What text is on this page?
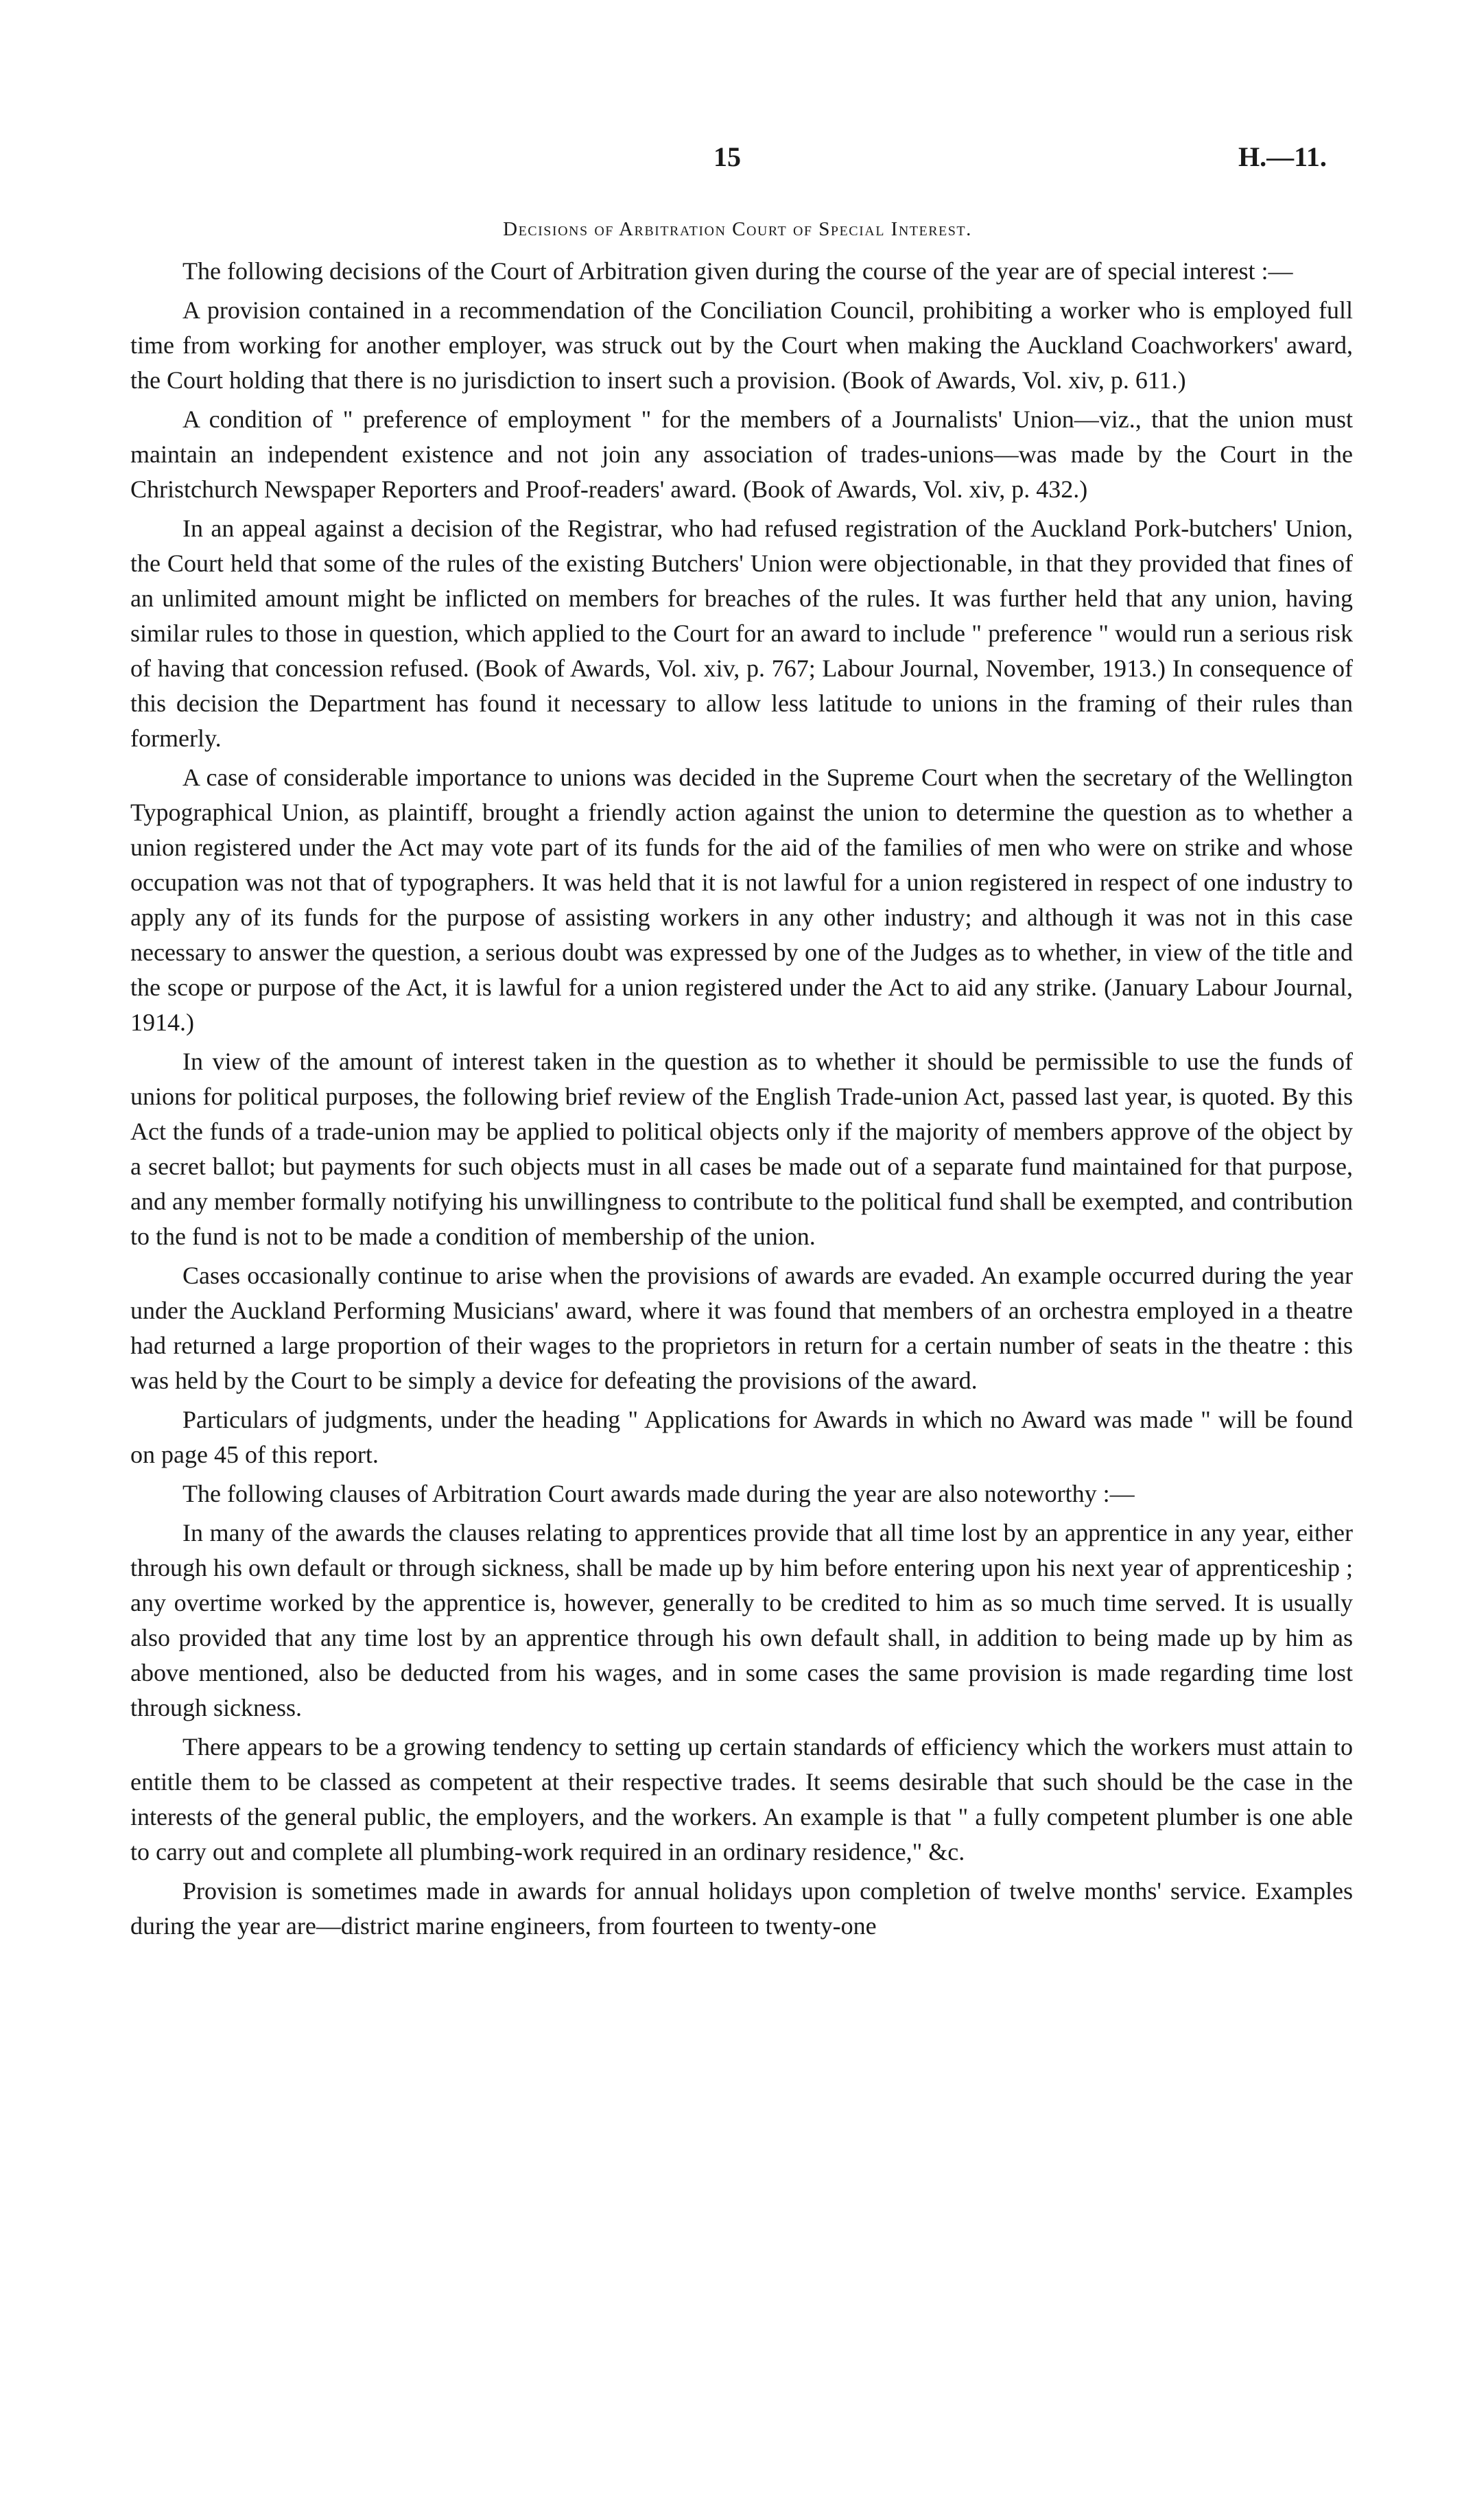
15	H.—11.
Decisions of Arbitration Court of Special Interest.

The following decisions of the Court of Arbitration given during the course of the year are of special interest :—

A provision contained in a recommendation of the Conciliation Council, prohibiting a worker who is employed full time from working for another employer, was struck out by the Court when making the Auckland Coachworkers' award, the Court holding that there is no jurisdiction to insert such a provision. (Book of Awards, Vol. xiv, p. 611.)

A condition of " preference of employment " for the members of a Journalists' Union—viz., that the union must maintain an independent existence and not join any association of trades-unions—was made by the Court in the Christchurch Newspaper Reporters and Proof-readers' award. (Book of Awards, Vol. xiv, p. 432.)

In an appeal against a decision of the Registrar, who had refused registration of the Auckland Pork-butchers' Union, the Court held that some of the rules of the existing Butchers' Union were objectionable, in that they provided that fines of an unlimited amount might be inflicted on members for breaches of the rules. It was further held that any union, having similar rules to those in question, which applied to the Court for an award to include " preference " would run a serious risk of having that concession refused. (Book of Awards, Vol. xiv, p. 767; Labour Journal, November, 1913.) In consequence of this decision the Department has found it necessary to allow less latitude to unions in the framing of their rules than formerly.

A case of considerable importance to unions was decided in the Supreme Court when the secretary of the Wellington Typographical Union, as plaintiff, brought a friendly action against the union to determine the question as to whether a union registered under the Act may vote part of its funds for the aid of the families of men who were on strike and whose occupation was not that of typographers. It was held that it is not lawful for a union registered in respect of one industry to apply any of its funds for the purpose of assisting workers in any other industry; and although it was not in this case necessary to answer the question, a serious doubt was expressed by one of the Judges as to whether, in view of the title and the scope or purpose of the Act, it is lawful for a union registered under the Act to aid any strike. (January Labour Journal, 1914.)

In view of the amount of interest taken in the question as to whether it should be permissible to use the funds of unions for political purposes, the following brief review of the English Trade-union Act, passed last year, is quoted. By this Act the funds of a trade-union may be applied to political objects only if the majority of members approve of the object by a secret ballot; but payments for such objects must in all cases be made out of a separate fund maintained for that purpose, and any member formally notifying his unwillingness to contribute to the political fund shall be exempted, and contribution to the fund is not to be made a condition of membership of the union.

Cases occasionally continue to arise when the provisions of awards are evaded. An example occurred during the year under the Auckland Performing Musicians' award, where it was found that members of an orchestra employed in a theatre had returned a large proportion of their wages to the proprietors in return for a certain number of seats in the theatre : this was held by the Court to be simply a device for defeating the provisions of the award.

Particulars of judgments, under the heading " Applications for Awards in which no Award was made " will be found on page 45 of this report.

The following clauses of Arbitration Court awards made during the year are also noteworthy :—

In many of the awards the clauses relating to apprentices provide that all time lost by an apprentice in any year, either through his own default or through sickness, shall be made up by him before entering upon his next year of apprenticeship ; any overtime worked by the apprentice is, however, generally to be credited to him as so much time served. It is usually also provided that any time lost by an apprentice through his own default shall, in addition to being made up by him as above mentioned, also be deducted from his wages, and in some cases the same provision is made regarding time lost through sickness.

There appears to be a growing tendency to setting up certain standards of efficiency which the workers must attain to entitle them to be classed as competent at their respective trades. It seems desirable that such should be the case in the interests of the general public, the employers, and the workers. An example is that " a fully competent plumber is one able to carry out and complete all plumbing-work required in an ordinary residence," &c.

Provision is sometimes made in awards for annual holidays upon completion of twelve months' service. Examples during the year are—district marine engineers, from fourteen to twenty-one
